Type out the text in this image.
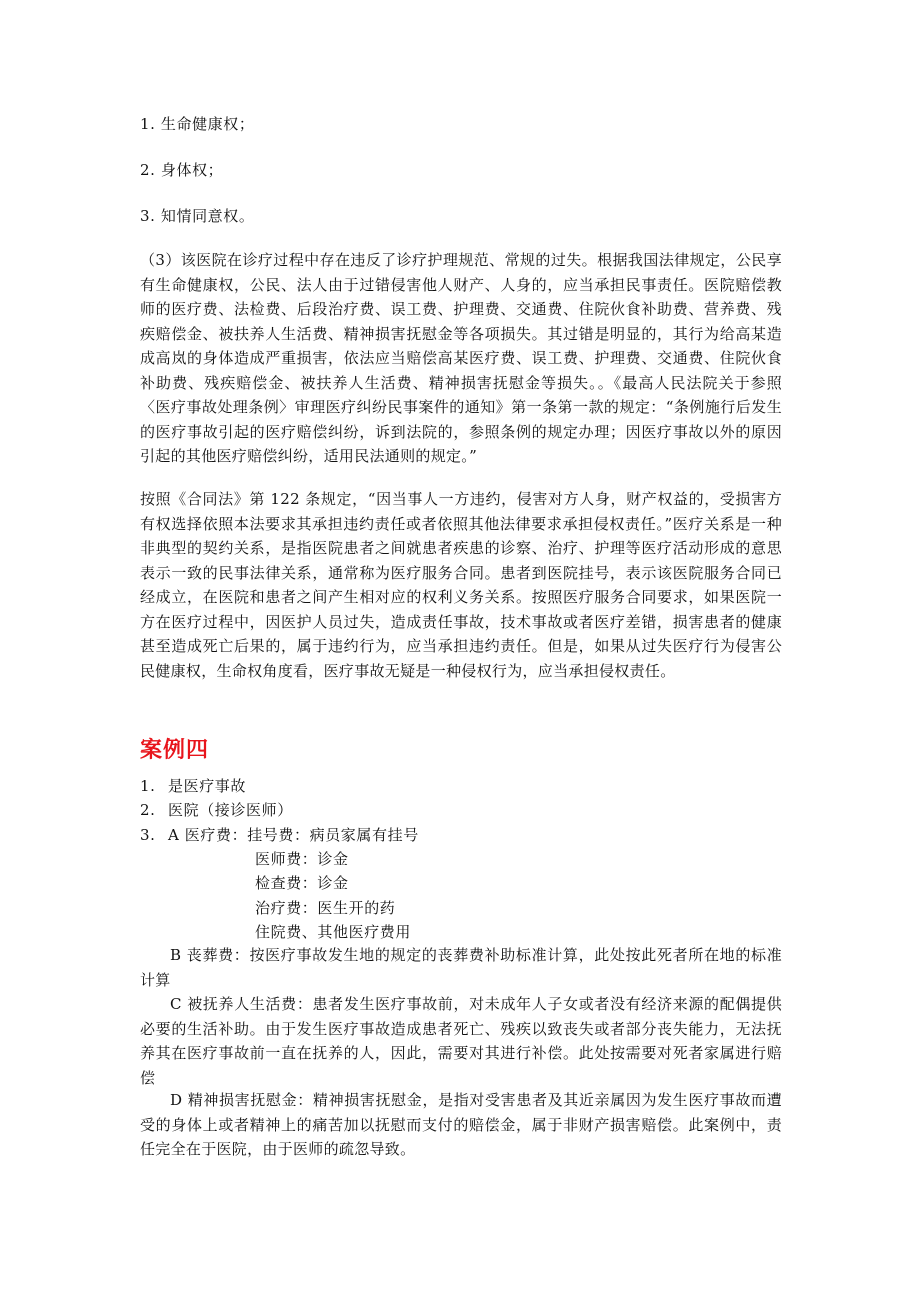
1. 生命健康权；
2. 身体权；
3. 知情同意权。
（3）该医院在诊疗过程中存在违反了诊疗护理规范、常规的过失。根据我国法律规定，公民享有生命健康权，公民、法人由于过错侵害他人财产、人身的，应当承担民事责任。医院赔偿教师的医疗费、法检费、后段治疗费、误工费、护理费、交通费、住院伙食补助费、营养费、残疾赔偿金、被扶养人生活费、精神损害抚慰金等各项损失。其过错是明显的，其行为给高某造成高岚的身体造成严重损害，依法应当赔偿高某医疗费、误工费、护理费、交通费、住院伙食补助费、残疾赔偿金、被扶养人生活费、精神损害抚慰金等损失。。《最高人民法院关于参照〈医疗事故处理条例〉审理医疗纠纷民事案件的通知》第一条第一款的规定：“条例施行后发生的医疗事故引起的医疗赔偿纠纷，诉到法院的，参照条例的规定办理；因医疗事故以外的原因引起的其他医疗赔偿纠纷，适用民法通则的规定。”
按照《合同法》第 122 条规定，“因当事人一方违约，侵害对方人身，财产权益的，受损害方有权选择依照本法要求其承担违约责任或者依照其他法律要求承担侵权责任。”医疗关系是一种非典型的契约关系，是指医院患者之间就患者疾患的诊察、治疗、护理等医疗活动形成的意思表示一致的民事法律关系，通常称为医疗服务合同。患者到医院挂号，表示该医院服务合同已经成立，在医院和患者之间产生相对应的权利义务关系。按照医疗服务合同要求，如果医院一方在医疗过程中，因医护人员过失，造成责任事故，技术事故或者医疗差错，损害患者的健康甚至造成死亡后果的，属于违约行为，应当承担违约责任。但是，如果从过失医疗行为侵害公民健康权，生命权角度看，医疗事故无疑是一种侵权行为，应当承担侵权责任。
案例四
1. 是医疗事故
2. 医院（接诊医师）
3. A 医疗费：挂号费：病员家属有挂号
医师费：诊金
检查费：诊金
治疗费：医生开的药
住院费、其他医疗费用
B 丧葬费：按医疗事故发生地的规定的丧葬费补助标准计算，此处按此死者所在地的标准计算
C 被抚养人生活费：患者发生医疗事故前，对未成年人子女或者没有经济来源的配偶提供必要的生活补助。由于发生医疗事故造成患者死亡、残疾以致丧失或者部分丧失能力，无法抚养其在医疗事故前一直在抚养的人，因此，需要对其进行补偿。此处按需要对死者家属进行赔偿
D 精神损害抚慰金：精神损害抚慰金，是指对受害患者及其近亲属因为发生医疗事故而遭受的身体上或者精神上的痛苦加以抚慰而支付的赔偿金，属于非财产损害赔偿。此案例中，责任完全在于医院，由于医师的疏忽导致。
